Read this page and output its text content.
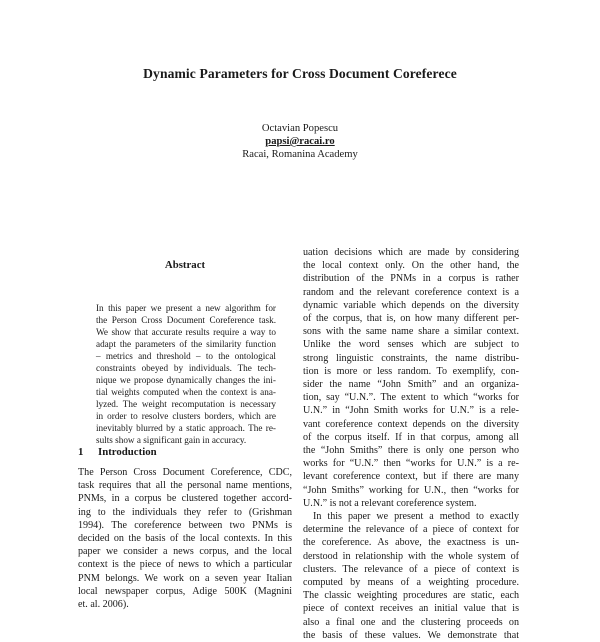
Dynamic Parameters for Cross Document Coreferece
Octavian Popescu
papsi@racai.ro
Racai, Romanina Academy
Abstract
In this paper we present a new algorithm for
the Person Cross Document Coreference task.
We show that accurate results require a way to
adapt the parameters of the similarity function
– metrics and threshold – to the ontological
constraints obeyed by individuals. The tech-
nique we propose dynamically changes the ini-
tial weights computed when the context is ana-
lyzed. The weight recomputation is necessary
in order to resolve clusters borders, which are
inevitably blurred by a static approach. The re-
sults show a significant gain in accuracy.
1 Introduction
The Person Cross Document Coreference, CDC,
task requires that all the personal name mentions,
PNMs, in a corpus be clustered together accord-
ing to the individuals they refer to (Grishman
1994). The coreference between two PNMs is
decided on the basis of the local contexts. In this
paper we consider a news corpus, and the local
context is the piece of news to which a particular
PNM belongs. We work on a seven year Italian
local newspaper corpus, Adige 500K (Magnini
et. al. 2006).
uation decisions which are made by considering
the local context only. On the other hand, the
distribution of the PNMs in a corpus is rather
random and the relevant coreference context is a
dynamic variable which depends on the diversity
of the corpus, that is, on how many different per-
sons with the same name share a similar context.
Unlike the word senses which are subject to
strong linguistic constraints, the name distribu-
tion is more or less random. To exemplify, con-
sider the name “John Smith” and an organiza-
tion, say “U.N.”. The extent to which “works for
U.N.” in “John Smith works for U.N.” is a rele-
vant coreference context depends on the diversity
of the corpus itself. If in that corpus, among all
the “John Smiths” there is only one person who
works for “U.N.” then “works for U.N.” is a re-
levant coreference context, but if there are many
“John Smiths” working for U.N., then “works for
U.N.” is not a relevant coreference system.
In this paper we present a method to exactly
determine the relevance of a piece of context for
the coreference. As above, the exactness is un-
derstood in relationship with the whole system of
clusters. The relevance of a piece of context is
computed by means of a weighting procedure.
The classic weighting procedures are static, each
piece of context receives an initial value that is
also a final one and the clustering proceeds on
the basis of these values. We demonstrate that
